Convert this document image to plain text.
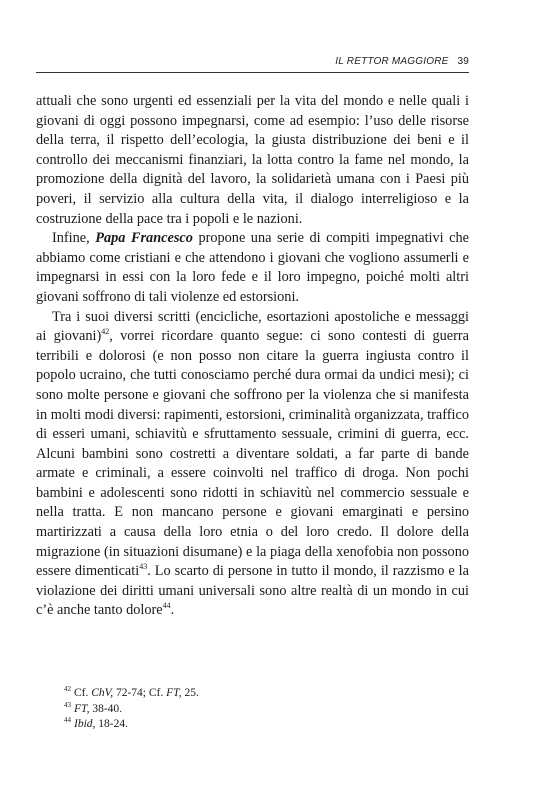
IL RETTOR MAGGIORE 39

attuali che sono urgenti ed essenziali per la vita del mondo e nelle quali i giovani di oggi possono impegnarsi, come ad esempio: l’uso delle risorse della terra, il rispetto dell’ecologia, la giusta distribuzione dei beni e il controllo dei meccanismi finanziari, la lotta contro la fame nel mondo, la promozione della dignità del lavoro, la solidarietà umana con i Paesi più poveri, il servizio alla cultura della vita, il dialogo interreligioso e la costruzione della pace tra i popoli e le nazioni.

Infine, Papa Francesco propone una serie di compiti impegnativi che abbiamo come cristiani e che attendono i giovani che vogliono assumerli e impegnarsi in essi con la loro fede e il loro impegno, poiché molti altri giovani soffrono di tali violenze ed estorsioni.

Tra i suoi diversi scritti (encicliche, esortazioni apostoliche e messaggi ai giovani)$^{42}$, vorrei ricordare quanto segue: ci sono contesti di guerra terribili e dolorosi (e non posso non citare la guerra ingiusta contro il popolo ucraino, che tutti conosciamo perché dura ormai da undici mesi); ci sono molte persone e giovani che soffrono per la violenza che si manifesta in molti modi diversi: rapimenti, estorsioni, criminalità organizzata, traffico di esseri umani, schiavitù e sfruttamento sessuale, crimini di guerra, ecc. Alcuni bambini sono costretti a diventare soldati, a far parte di bande armate e criminali, a essere coinvolti nel traffico di droga. Non pochi bambini e adolescenti sono ridotti in schiavitù nel commercio sessuale e nella tratta. E non mancano persone e giovani emarginati e persino martirizzati a causa della loro etnia o del loro credo. Il dolore della migrazione (in situazioni disumane) e la piaga della xenofobia non possono essere dimenticati$^{43}$. Lo scarto di persone in tutto il mondo, il razzismo e la violazione dei diritti umani universali sono altre realtà di un mondo in cui c’è anche tanto dolore$^{44}$.

$^{42}$ Cf. ChV, 72-74; Cf. FT, 25.

$^{43}$ FT, 38-40.

$^{44}$ Ibid, 18-24.
